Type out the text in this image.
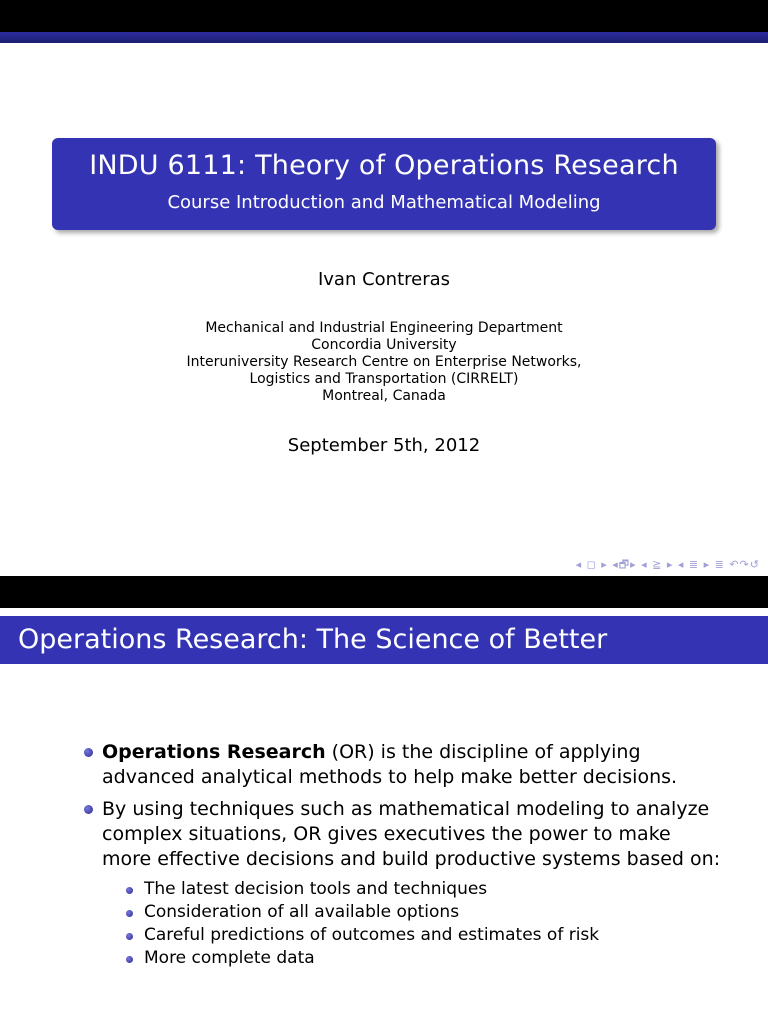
INDU 6111: Theory of Operations Research
Course Introduction and Mathematical Modeling
Ivan Contreras
Mechanical and Industrial Engineering Department
Concordia University
Interuniversity Research Centre on Enterprise Networks,
Logistics and Transportation (CIRRELT)
Montreal, Canada
September 5th, 2012
◂ ◻ ▸ ◂🗗▸ ◂ ≧ ▸ ◂ ≣ ▸ ≣ ↶↷↺
Operations Research: The Science of Better
Operations Research (OR) is the discipline of applying advanced analytical methods to help make better decisions.
By using techniques such as mathematical modeling to analyze complex situations, OR gives executives the power to make more effective decisions and build productive systems based on:
The latest decision tools and techniques
Consideration of all available options
Careful predictions of outcomes and estimates of risk
More complete data
